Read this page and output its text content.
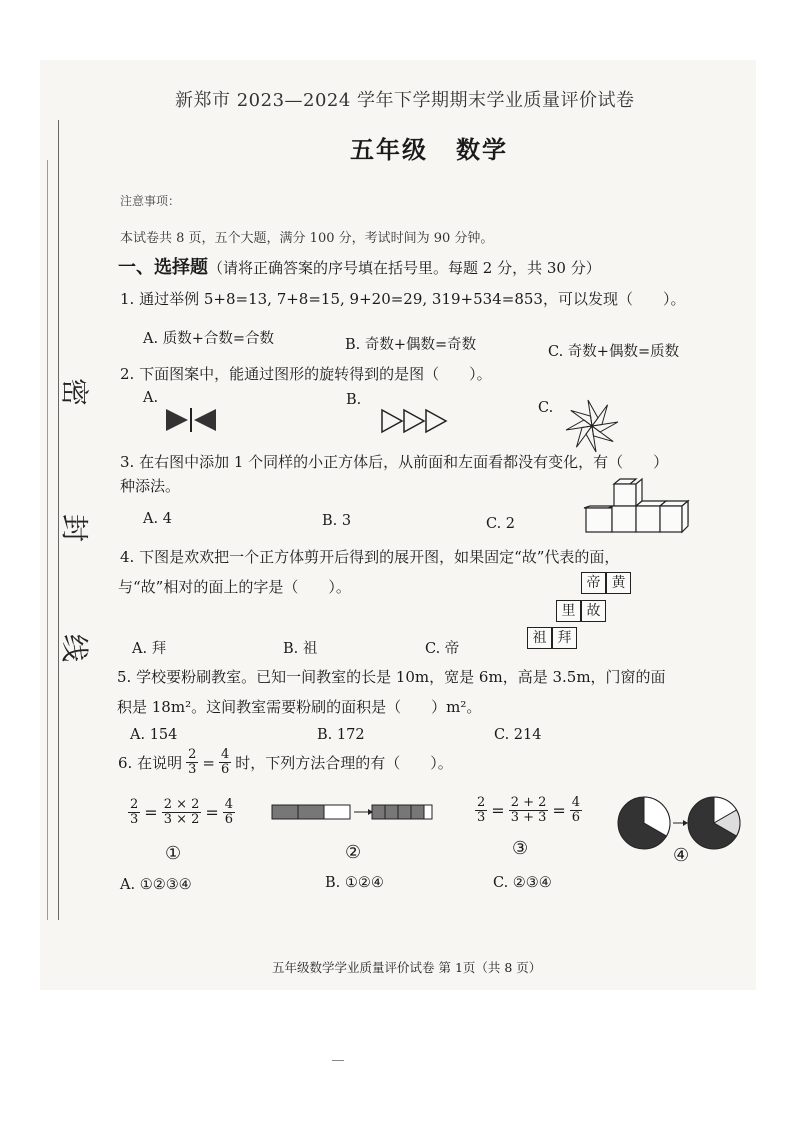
密
封
线
新郑市 2023—2024 学年下学期期末学业质量评价试卷
五年级 数学
注意事项：
本试卷共 8 页，五个大题，满分 100 分，考试时间为 90 分钟。
一、选择题（请将正确答案的序号填在括号里。每题 2 分，共 30 分）
1. 通过举例 5+8=13, 7+8=15, 9+20=29, 319+534=853，可以发现（　　）。
A. 质数+合数=合数	B. 奇数+偶数=奇数	C. 奇数+偶数=质数
2. 下面图案中，能通过图形的旋转得到的是图（　　）。
A.	B.	C.
3. 在右图中添加 1 个同样的小正方体后，从前面和左面看都没有变化，有（　　）
种添法。
A. 4	B. 3	C. 2
4. 下图是欢欢把一个正方体剪开后得到的展开图，如果固定“故”代表的面，
与“故”相对的面上的字是（　　）。
A. 拜	B. 祖	C. 帝
帝 黄
里 故
祖 拜
5. 学校要粉刷教室。已知一间教室的长是 10m，宽是 6m，高是 3.5m，门窗的面
积是 18m²。这间教室需要粉刷的面积是（　　）m²。
A. 154	B. 172	C. 214
6. 在说明 $\frac{2}{3} = \frac{4}{6}$ 时，下列方法合理的有（　　）。
$\frac{2}{3} = \frac{2 \times 2}{3 \times 2} = \frac{4}{6}$
①	②
$\frac{2}{3} = \frac{2 + 2}{3 + 3} = \frac{4}{6}$
③	④
A. ①②③④	B. ①②④	C. ②③④
五年级数学学业质量评价试卷 第 1页（共 8 页）
